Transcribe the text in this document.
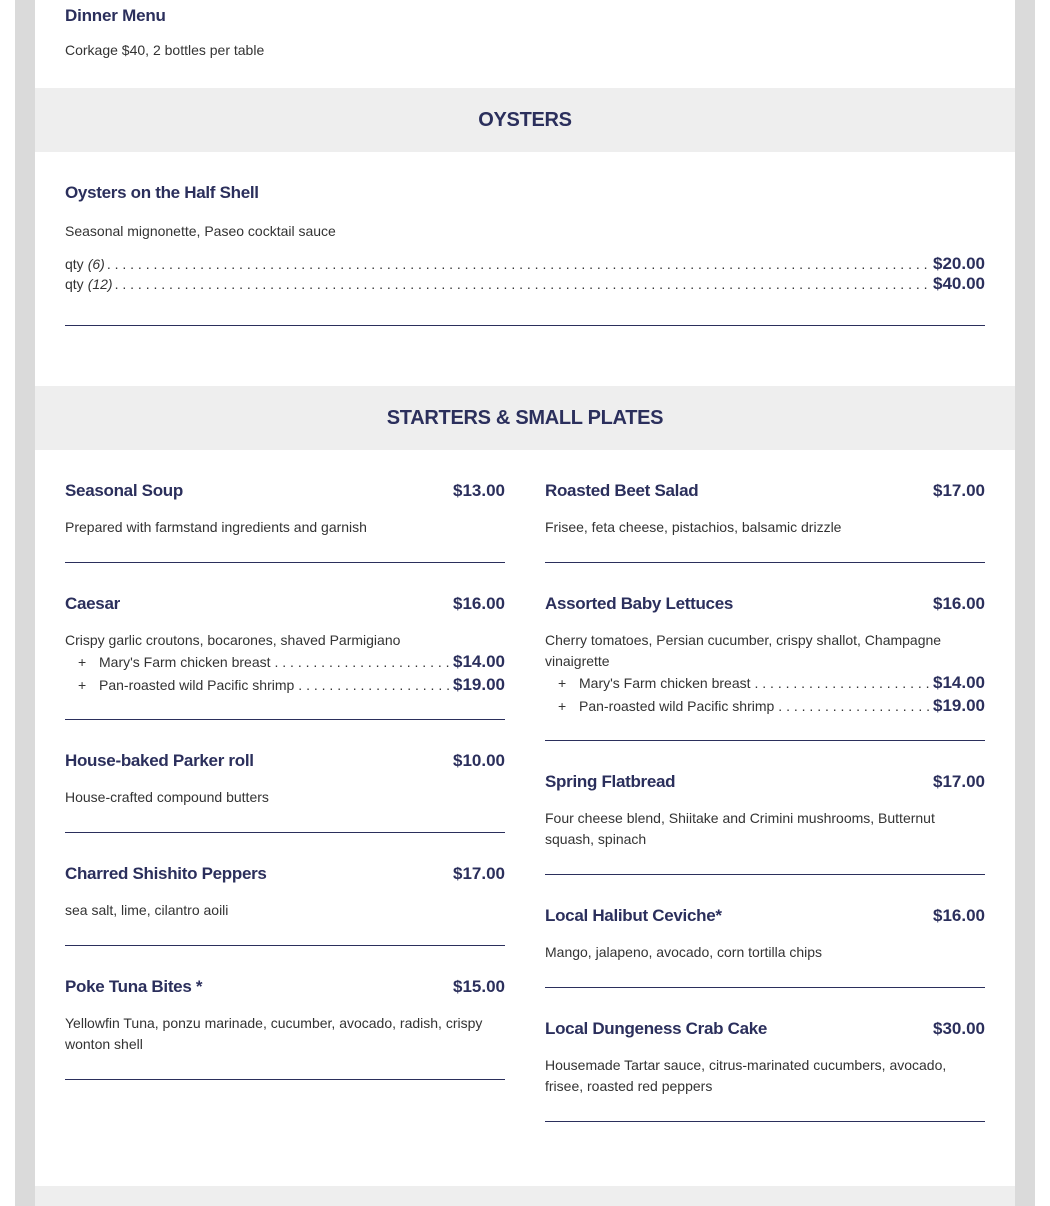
Dinner Menu
Corkage $40, 2 bottles per table
OYSTERS
Oysters on the Half Shell
Seasonal mignonette, Paseo cocktail sauce
qty (6) . . .	$20.00
qty (12) . . .	$40.00
STARTERS & SMALL PLATES
Seasonal Soup	$13.00
Prepared with farmstand ingredients and garnish
Caesar	$16.00
Crispy garlic croutons, bocarones, shaved Parmigiano
+ Mary's Farm chicken breast . . .	$14.00
+ Pan-roasted wild Pacific shrimp . . .	$19.00
House-baked Parker roll	$10.00
House-crafted compound butters
Charred Shishito Peppers	$17.00
sea salt, lime, cilantro aoili
Poke Tuna Bites *	$15.00
Yellowfin Tuna, ponzu marinade, cucumber, avocado, radish, crispy wonton shell
Roasted Beet Salad	$17.00
Frisee, feta cheese, pistachios, balsamic drizzle
Assorted Baby Lettuces	$16.00
Cherry tomatoes, Persian cucumber, crispy shallot, Champagne vinaigrette
+ Mary's Farm chicken breast . . .	$14.00
+ Pan-roasted wild Pacific shrimp . . .	$19.00
Spring Flatbread	$17.00
Four cheese blend, Shiitake and Crimini mushrooms, Butternut squash, spinach
Local Halibut Ceviche*	$16.00
Mango, jalapeno, avocado, corn tortilla chips
Local Dungeness Crab Cake	$30.00
Housemade Tartar sauce, citrus-marinated cucumbers, avocado, frisee, roasted red peppers
